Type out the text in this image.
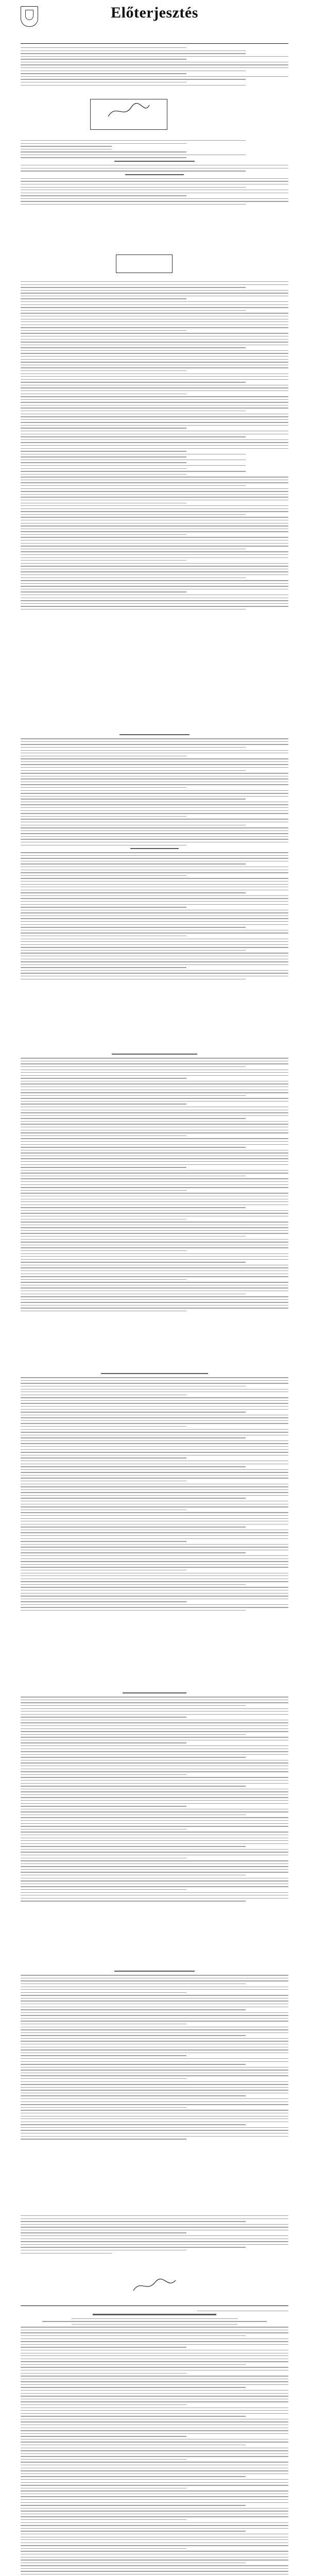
Előterjesztés
